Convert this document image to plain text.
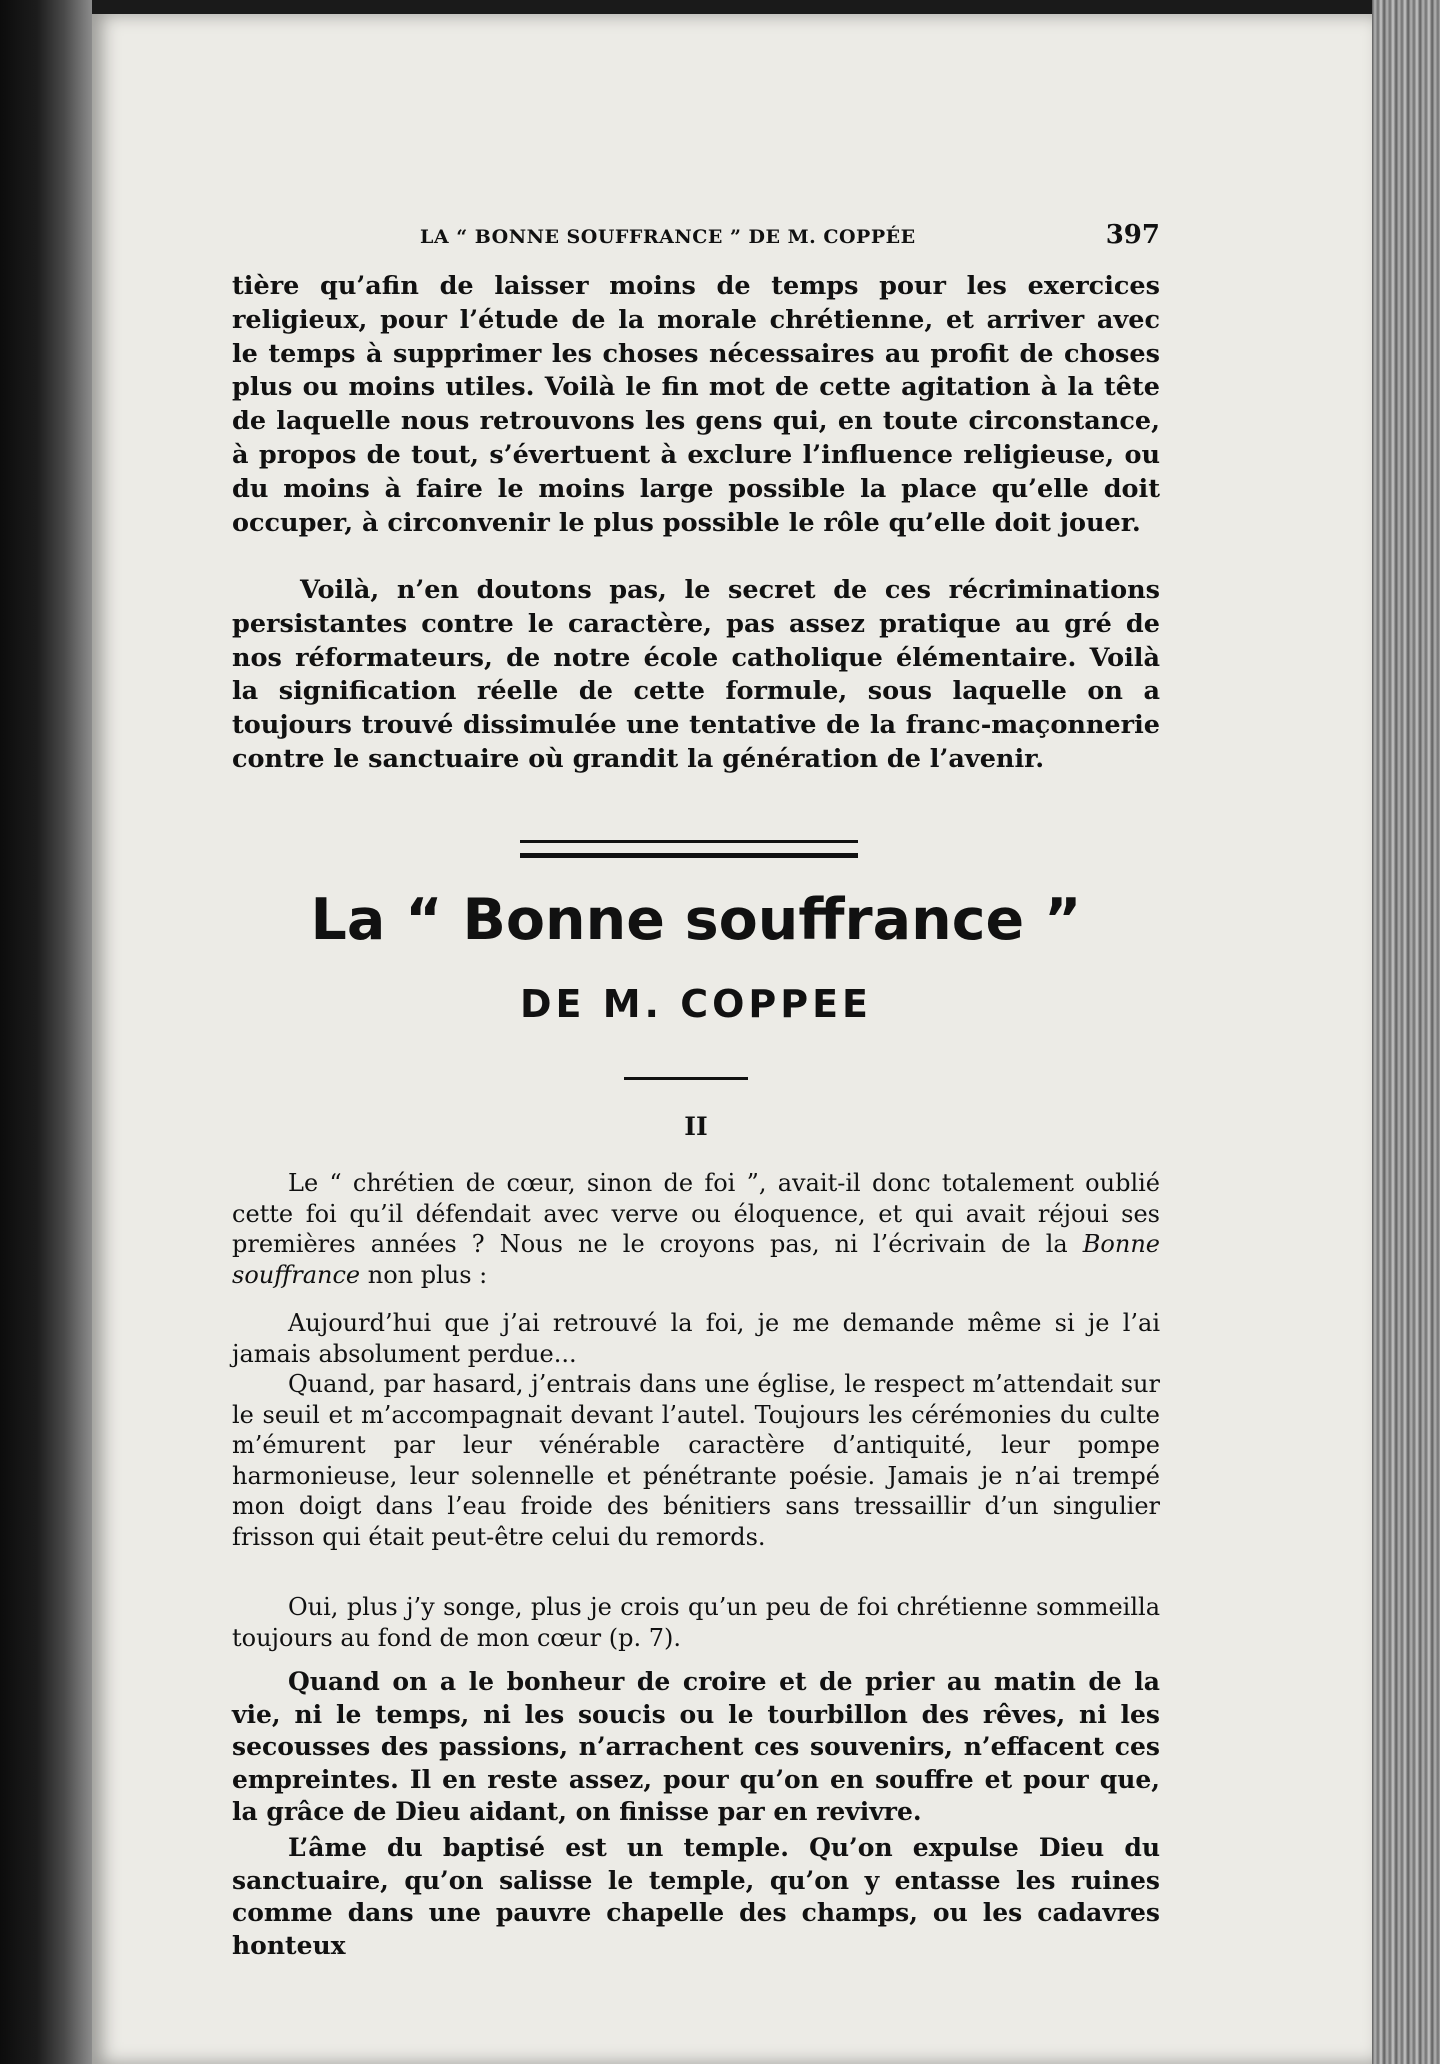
LA “ BONNE SOUFFRANCE ” DE M. COPPÉE	397

tière qu’afin de laisser moins de temps pour les exercices religieux, pour l’étude de la morale chrétienne, et arriver avec le temps à supprimer les choses nécessaires au profit de choses plus ou moins utiles. Voilà le fin mot de cette agitation à la tête de laquelle nous retrouvons les gens qui, en toute circonstance, à propos de tout, s’évertuent à exclure l’influence religieuse, ou du moins à faire le moins large possible la place qu’elle doit occuper, à circonvenir le plus possible le rôle qu’elle doit jouer.

Voilà, n’en doutons pas, le secret de ces récriminations persistantes contre le caractère, pas assez pratique au gré de nos réformateurs, de notre école catholique élémentaire. Voilà la signification réelle de cette formule, sous laquelle on a toujours trouvé dissimulée une tentative de la franc-maçonnerie contre le sanctuaire où grandit la génération de l’avenir.

La “ Bonne souffrance ”
DE M. COPPEE

II

Le “ chrétien de cœur, sinon de foi ”, avait-il donc totalement oublié cette foi qu’il défendait avec verve ou éloquence, et qui avait réjoui ses premières années ? Nous ne le croyons pas, ni l’écrivain de la Bonne souffrance non plus :

Aujourd’hui que j’ai retrouvé la foi, je me demande même si je l’ai jamais absolument perdue...

Quand, par hasard, j’entrais dans une église, le respect m’attendait sur le seuil et m’accompagnait devant l’autel. Toujours les cérémonies du culte m’émurent par leur vénérable caractère d’antiquité, leur pompe harmonieuse, leur solennelle et pénétrante poésie. Jamais je n’ai trempé mon doigt dans l’eau froide des bénitiers sans tressaillir d’un singulier frisson qui était peut-être celui du remords.

Oui, plus j’y songe, plus je crois qu’un peu de foi chrétienne sommeilla toujours au fond de mon cœur (p. 7).

Quand on a le bonheur de croire et de prier au matin de la vie, ni le temps, ni les soucis ou le tourbillon des rêves, ni les secousses des passions, n’arrachent ces souvenirs, n’effacent ces empreintes. Il en reste assez, pour qu’on en souffre et pour que, la grâce de Dieu aidant, on finisse par en revivre.

L’âme du baptisé est un temple. Qu’on expulse Dieu du sanctuaire, qu’on salisse le temple, qu’on y entasse les ruines comme dans une pauvre chapelle des champs, ou les cadavres honteux
